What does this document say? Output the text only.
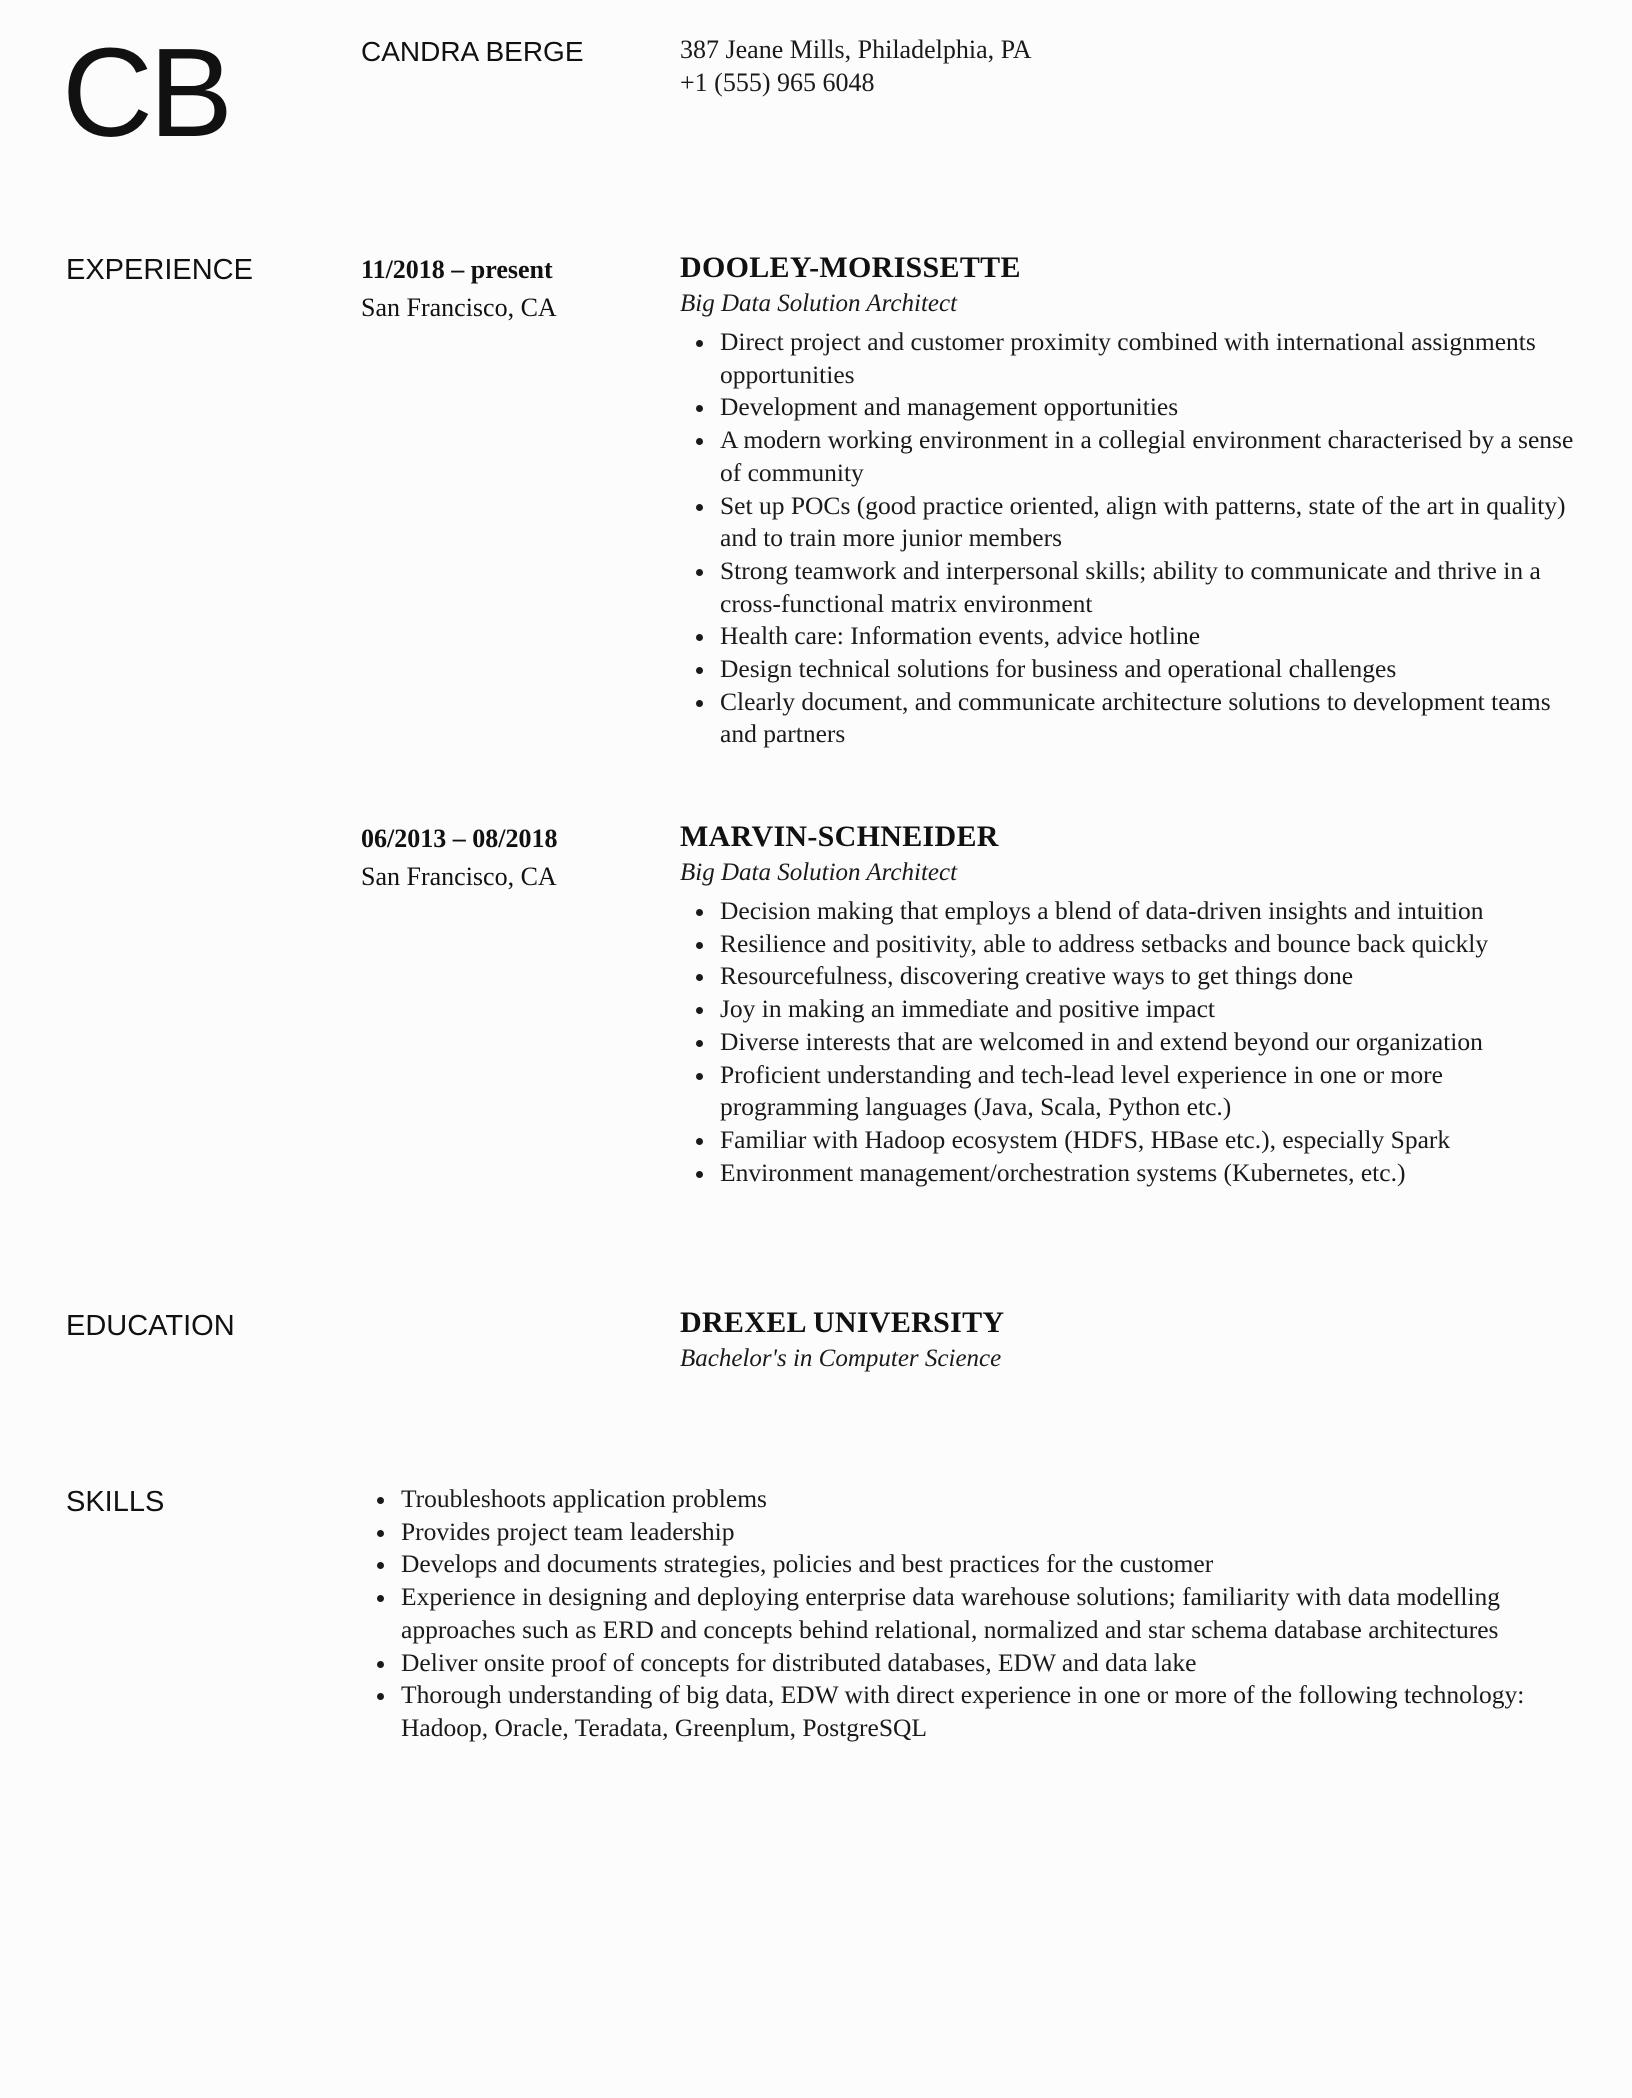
CB	CANDRA BERGE	387 Jeane Mills, Philadelphia, PA
+1 (555) 965 6048
EXPERIENCE	11/2018 – present
San Francisco, CA
DOOLEY-MORISSETTE
Big Data Solution Architect
Direct project and customer proximity combined with international assignments opportunities
Development and management opportunities
A modern working environment in a collegial environment characterised by a sense of community
Set up POCs (good practice oriented, align with patterns, state of the art in quality) and to train more junior members
Strong teamwork and interpersonal skills; ability to communicate and thrive in a cross-functional matrix environment
Health care: Information events, advice hotline
Design technical solutions for business and operational challenges
Clearly document, and communicate architecture solutions to development teams and partners
06/2013 – 08/2018
San Francisco, CA
MARVIN-SCHNEIDER
Big Data Solution Architect
Decision making that employs a blend of data-driven insights and intuition
Resilience and positivity, able to address setbacks and bounce back quickly
Resourcefulness, discovering creative ways to get things done
Joy in making an immediate and positive impact
Diverse interests that are welcomed in and extend beyond our organization
Proficient understanding and tech-lead level experience in one or more programming languages (Java, Scala, Python etc.)
Familiar with Hadoop ecosystem (HDFS, HBase etc.), especially Spark
Environment management/orchestration systems (Kubernetes, etc.)
EDUCATION	DREXEL UNIVERSITY
Bachelor's in Computer Science
SKILLS	Troubleshoots application problems
Provides project team leadership
Develops and documents strategies, policies and best practices for the customer
Experience in designing and deploying enterprise data warehouse solutions; familiarity with data modelling approaches such as ERD and concepts behind relational, normalized and star schema database architectures
Deliver onsite proof of concepts for distributed databases, EDW and data lake
Thorough understanding of big data, EDW with direct experience in one or more of the following technology: Hadoop, Oracle, Teradata, Greenplum, PostgreSQL
